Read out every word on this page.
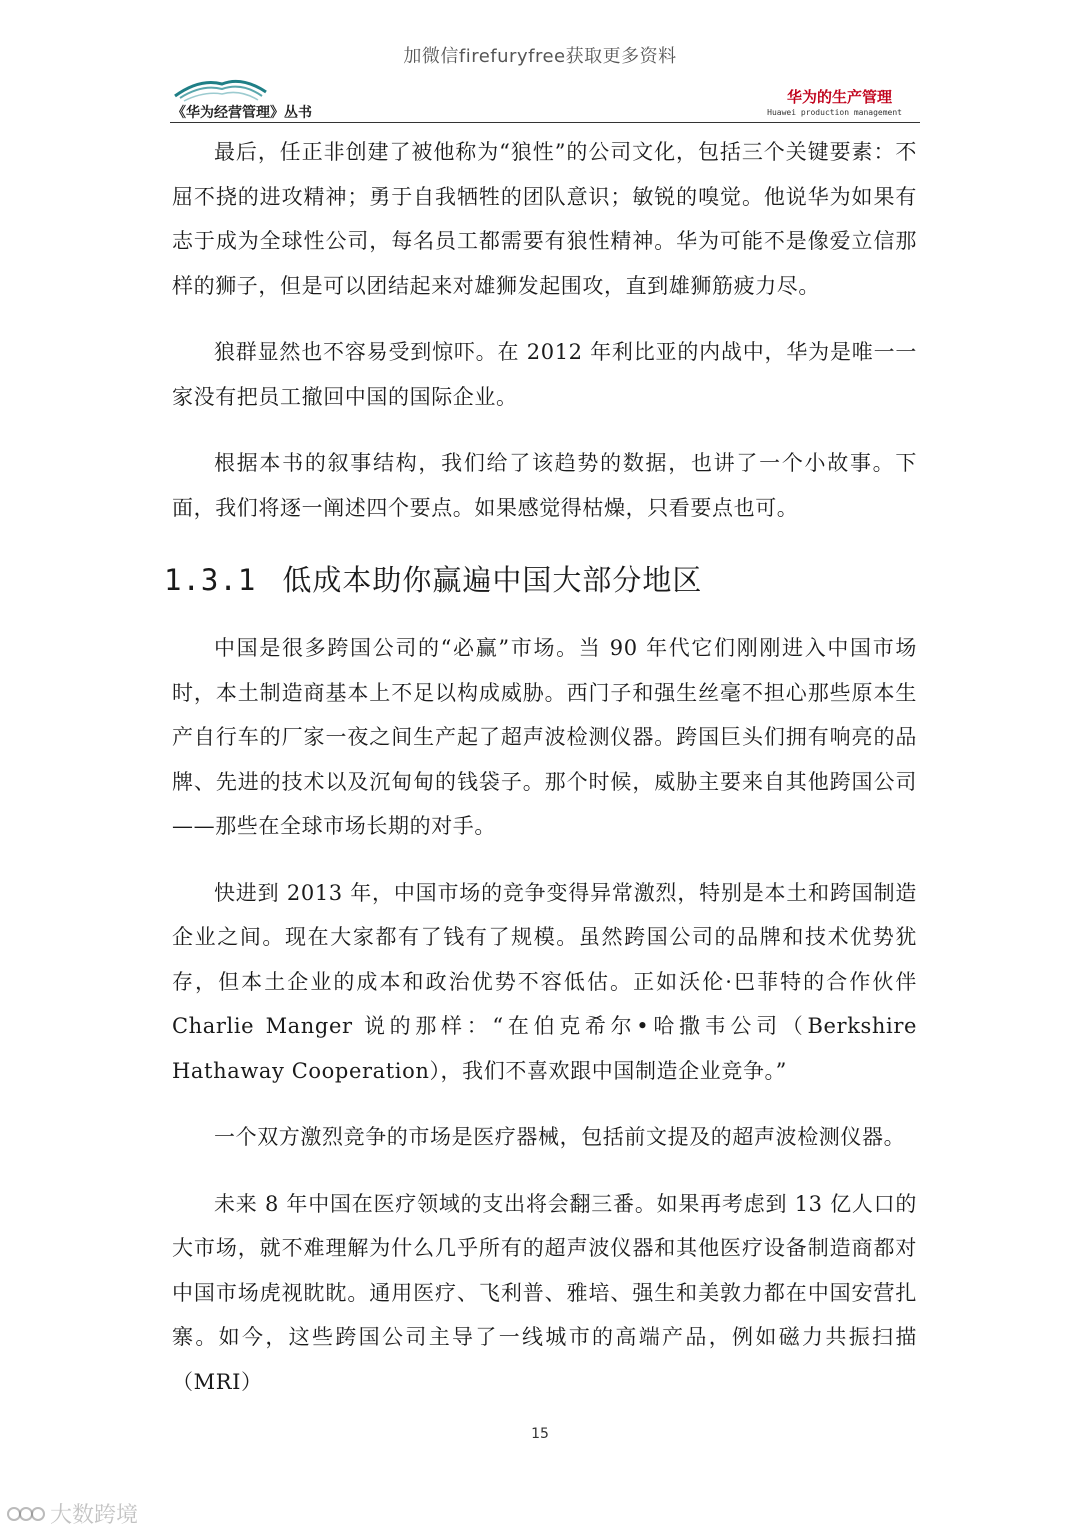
加微信firefuryfree获取更多资料
《华为经营管理》丛书
华为的生产管理
Huawei production management

最后，任正非创建了被他称为“狼性”的公司文化，包括三个关键要素：不屈不挠的进攻精神；勇于自我牺牲的团队意识；敏锐的嗅觉。他说华为如果有志于成为全球性公司，每名员工都需要有狼性精神。华为可能不是像爱立信那样的狮子，但是可以团结起来对雄狮发起围攻，直到雄狮筋疲力尽。

狼群显然也不容易受到惊吓。在 2012 年利比亚的内战中，华为是唯一一家没有把员工撤回中国的国际企业。

根据本书的叙事结构，我们给了该趋势的数据，也讲了一个小故事。下面，我们将逐一阐述四个要点。如果感觉得枯燥，只看要点也可。

1.3.1 低成本助你赢遍中国大部分地区

中国是很多跨国公司的“必赢”市场。当 90 年代它们刚刚进入中国市场时，本土制造商基本上不足以构成威胁。西门子和强生丝毫不担心那些原本生产自行车的厂家一夜之间生产起了超声波检测仪器。跨国巨头们拥有响亮的品牌、先进的技术以及沉甸甸的钱袋子。那个时候，威胁主要来自其他跨国公司——那些在全球市场长期的对手。

快进到 2013 年，中国市场的竞争变得异常激烈，特别是本土和跨国制造企业之间。现在大家都有了钱有了规模。虽然跨国公司的品牌和技术优势犹存，但本土企业的成本和政治优势不容低估。正如沃伦·巴菲特的合作伙伴 Charlie Manger 说的那样：“在伯克希尔•哈撒韦公司（Berkshire Hathaway Cooperation），我们不喜欢跟中国制造企业竞争。”

一个双方激烈竞争的市场是医疗器械，包括前文提及的超声波检测仪器。

未来 8 年中国在医疗领域的支出将会翻三番。如果再考虑到 13 亿人口的大市场，就不难理解为什么几乎所有的超声波仪器和其他医疗设备制造商都对中国市场虎视眈眈。通用医疗、飞利普、雅培、强生和美敦力都在中国安营扎寨。如今，这些跨国公司主导了一线城市的高端产品，例如磁力共振扫描（MRI）

15
大数跨境
